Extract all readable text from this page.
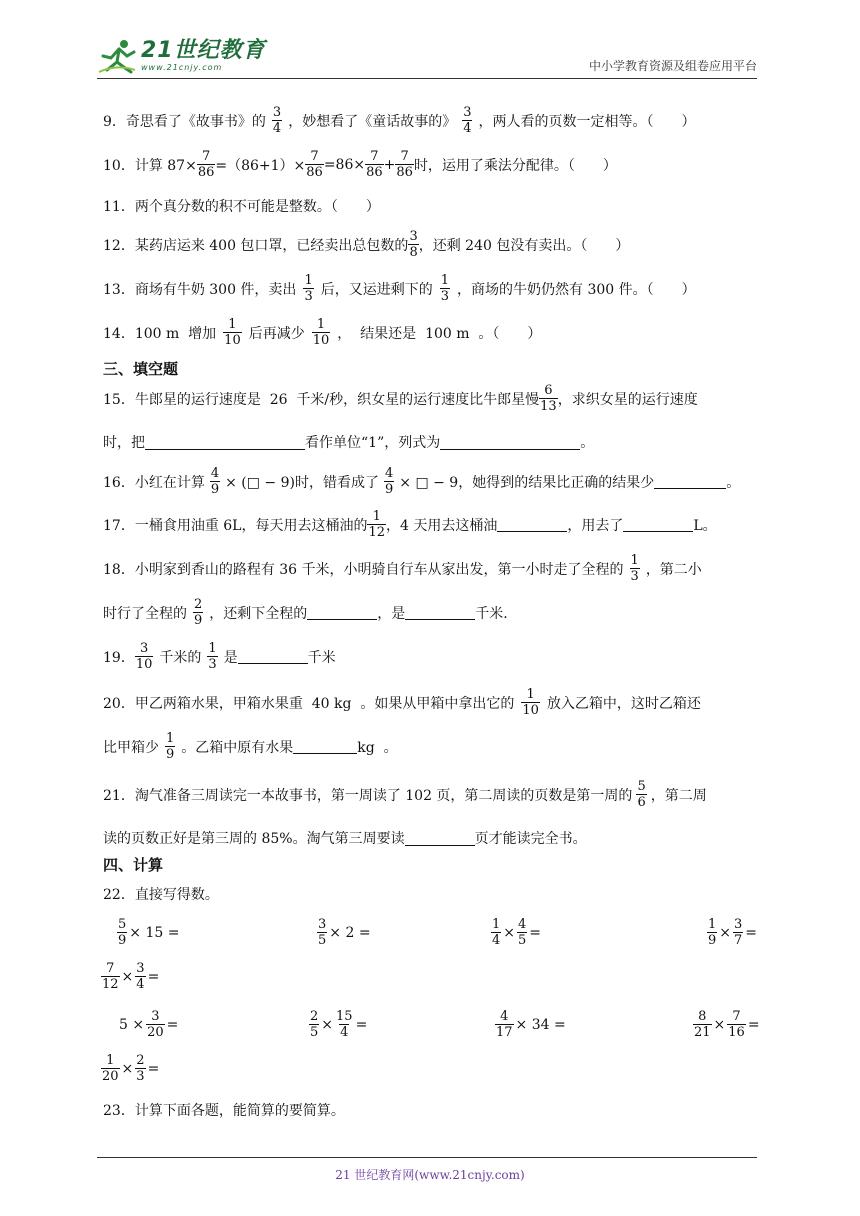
21世纪教育
www.21cnjy.com	中小学教育资源及组卷应用平台
9．奇思看了《故事书》的 $\frac{3}{4}$ ，妙想看了《童话故事的》 $\frac{3}{4}$ ，两人看的页数一定相等。（　　）
10．计算 $87\times \frac{7}{86} =(86+1)\times \frac{7}{86} =86\times \frac{7}{86} + \frac{7}{86}$ 时，运用了乘法分配律。（　　）
11．两个真分数的积不可能是整数。（　　）
12．某药店运来 400 包口罩，已经卖出总包数的 $\frac{3}{8}$ ，还剩 240 包没有卖出。（　　）
13．商场有牛奶 300 件，卖出 $\frac{1}{3}$ 后，又运进剩下的 $\frac{1}{3}$ ，商场的牛奶仍然有 300 件。（　　）
14．100 m  增加 $\frac{1}{10}$ 后再减少 $\frac{1}{10}$ ，  结果还是  100 m  。（　　）
三、填空题
15．牛郎星的运行速度是  26  千米/秒，织女星的运行速度比牛郎星慢 $\frac{6}{13}$ ，求织女星的运行速度
时，把	看作单位“1”，列式为	。
16．小红在计算 $\frac{4}{9}$ × (□ − 9)时，错看成了 $\frac{4}{9}$ × □ − 9，她得到的结果比正确的结果少	。
17．一桶食用油重 6L，每天用去这桶油的 $\frac{1}{12}$ ，4 天用去这桶油	，用去了	L。
18．小明家到香山的路程有 36 千米，小明骑自行车从家出发，第一小时走了全程的 $\frac{1}{3}$ ，第二小
时行了全程的 $\frac{2}{9}$ ，还剩下全程的	，是	千米.
19． $\frac{3}{10}$ 千米的 $\frac{1}{3}$ 是	千米
20．甲乙两箱水果，甲箱水果重  40 kg  。如果从甲箱中拿出它的 $\frac{1}{10}$ 放入乙箱中，这时乙箱还
比甲箱少 $\frac{1}{9}$ 。乙箱中原有水果	kg  。
21．淘气准备三周读完一本故事书，第一周读了 102 页，第二周读的页数是第一周的 $\frac{5}{6}$ ，第二周
读的页数正好是第三周的 85%。淘气第三周要读	页才能读完全书。
四、计算
22．直接写得数。
$\frac{5}{9} \times 15$ =	$\frac{3}{5} \times 2$ =	$\frac{1}{4} \times \frac{4}{5}$ =	$\frac{1}{9} \times \frac{3}{7}$ =
$\frac{7}{12} \times \frac{3}{4}$ =
$5 \times \frac{3}{20}$ =	$\frac{2}{5} \times \frac{15}{4}$ =	$\frac{4}{17} \times 34$ =	$\frac{8}{21} \times \frac{7}{16}$ =
$\frac{1}{20} \times \frac{2}{3}$ =
23．计算下面各题，能简算的要简算。
21 世纪教育网(www.21cnjy.com)
